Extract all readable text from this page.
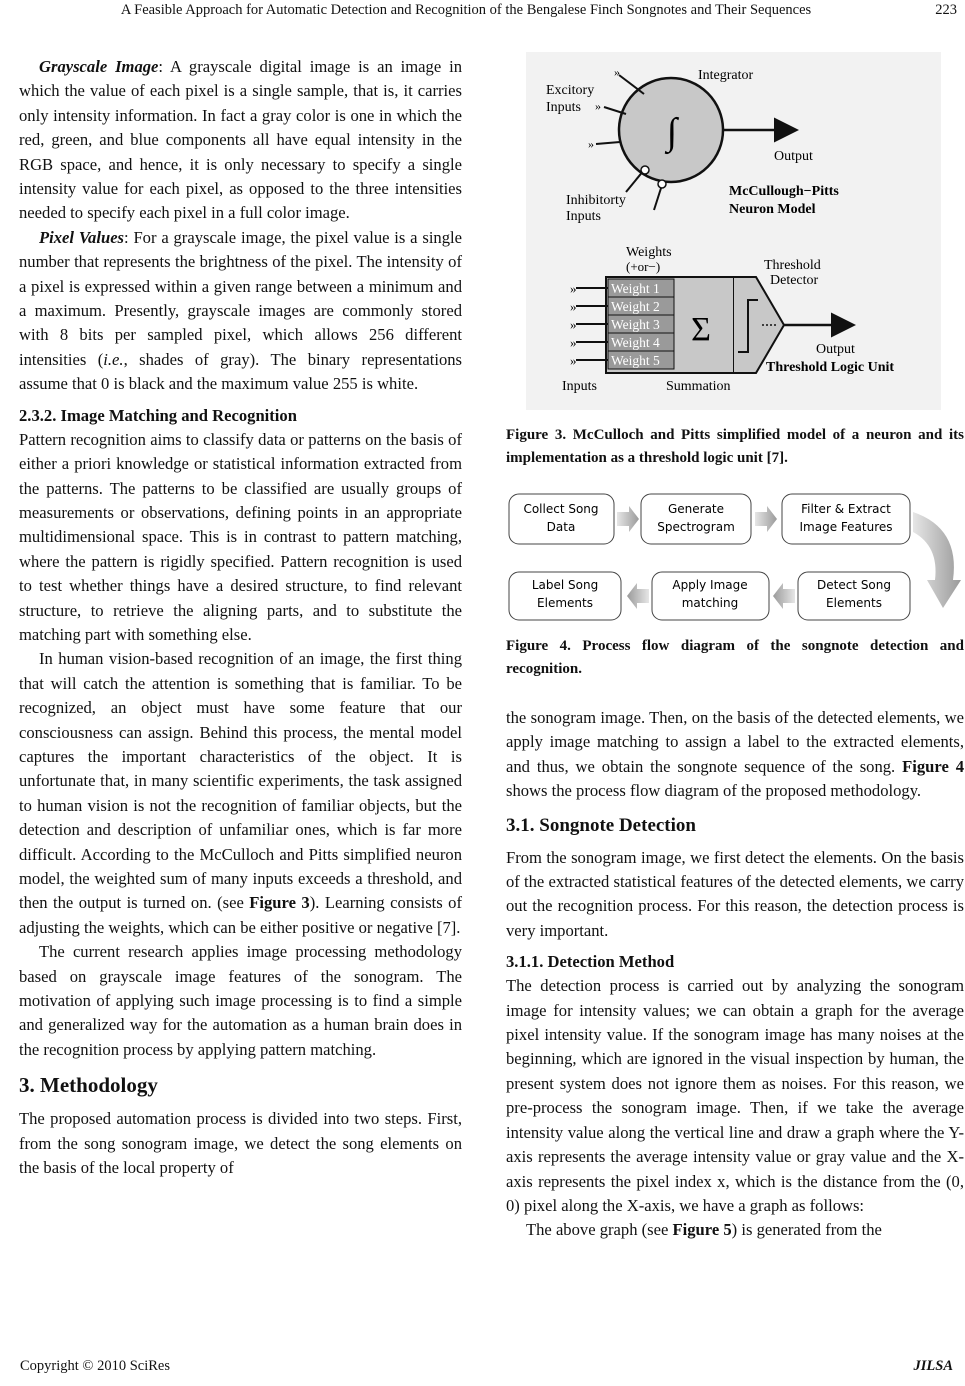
A Feasible Approach for Automatic Detection and Recognition of the Bengalese Finch Songnotes and Their Sequences	223

Grayscale Image: A grayscale digital image is an image in which the value of each pixel is a single sample, that is, it carries only intensity information. In fact a gray color is one in which the red, green, and blue components all have equal intensity in the RGB space, and hence, it is only necessary to specify a single intensity value for each pixel, as opposed to the three intensities needed to specify each pixel in a full color image.

Pixel Values: For a grayscale image, the pixel value is a single number that represents the brightness of the pixel. The intensity of a pixel is expressed within a given range between a minimum and a maximum. Presently, grayscale images are commonly stored with 8 bits per sampled pixel, which allows 256 different intensities (i.e., shades of gray). The binary representations assume that 0 is black and the maximum value 255 is white.

2.3.2. Image Matching and Recognition

Pattern recognition aims to classify data or patterns on the basis of either a priori knowledge or statistical information extracted from the patterns. The patterns to be classified are usually groups of measurements or observations, defining points in an appropriate multidimensional space. This is in contrast to pattern matching, where the pattern is rigidly specified. Pattern recognition is used to test whether things have a desired structure, to find relevant structure, to retrieve the aligning parts, and to substitute the matching part with something else.

In human vision-based recognition of an image, the first thing that will catch the attention is something that is familiar. To be recognized, an object must have some feature that our consciousness can assign. Behind this process, the mental model captures the important characteristics of the object. It is unfortunate that, in many scientific experiments, the task assigned to human vision is not the recognition of familiar objects, but the detection and description of unfamiliar ones, which is far more difficult. According to the McCulloch and Pitts simplified neuron model, the weighted sum of many inputs exceeds a threshold, and then the output is turned on. (see Figure 3). Learning consists of adjusting the weights, which can be either positive or negative [7].

The current research applies image processing methodology based on grayscale image features of the sonogram. The motivation of applying such image processing is to find a simple and generalized way for the automation as a human brain does in the recognition process by applying pattern matching.

3. Methodology

The proposed automation process is divided into two steps. First, from the song sonogram image, we detect the song elements on the basis of the local property of

»
»
» ∫
Integrator
Excitory
Inputs
Output
Inhibitorty
Inputs
McCullough−Pitts
Neuron Model
Weights
(+or−)	Threshold
Detector
Weight 1
Weight 2
Weight 3
Weight 4
Weight 5
Σ
»
»
»
»
»
Output
Threshold Logic Unit
Inputs	Summation
Collect Song
Data
Generate
Spectrogram
Filter & Extract
Image Features
Label Song
Elements
Apply Image
matching
Detect Song
Elements

Figure 3. McCulloch and Pitts simplified model of a neuron and its implementation as a threshold logic unit [7].

Figure 4. Process flow diagram of the songnote detection and recognition.

the sonogram image. Then, on the basis of the detected elements, we apply image matching to assign a label to the extracted elements, and thus, we obtain the songnote sequence of the song. Figure 4 shows the process flow diagram of the proposed methodology.

3.1. Songnote Detection

From the sonogram image, we first detect the elements. On the basis of the extracted statistical features of the detected elements, we carry out the recognition process. For this reason, the detection process is very important.

3.1.1. Detection Method

The detection process is carried out by analyzing the sonogram image for intensity values; we can obtain a graph for the average pixel intensity value. If the sonogram image has many noises at the beginning, which are ignored in the visual inspection by human, the present system does not ignore them as noises. For this reason, we pre-process the sonogram image. Then, if we take the average intensity value along the vertical line and draw a graph where the Y-axis represents the average intensity value or gray value and the X-axis represents the pixel index x, which is the distance from the (0, 0) pixel along the X-axis, we have a graph as follows:

The above graph (see Figure 5) is generated from the

Copyright © 2010 SciRes	JILSA
